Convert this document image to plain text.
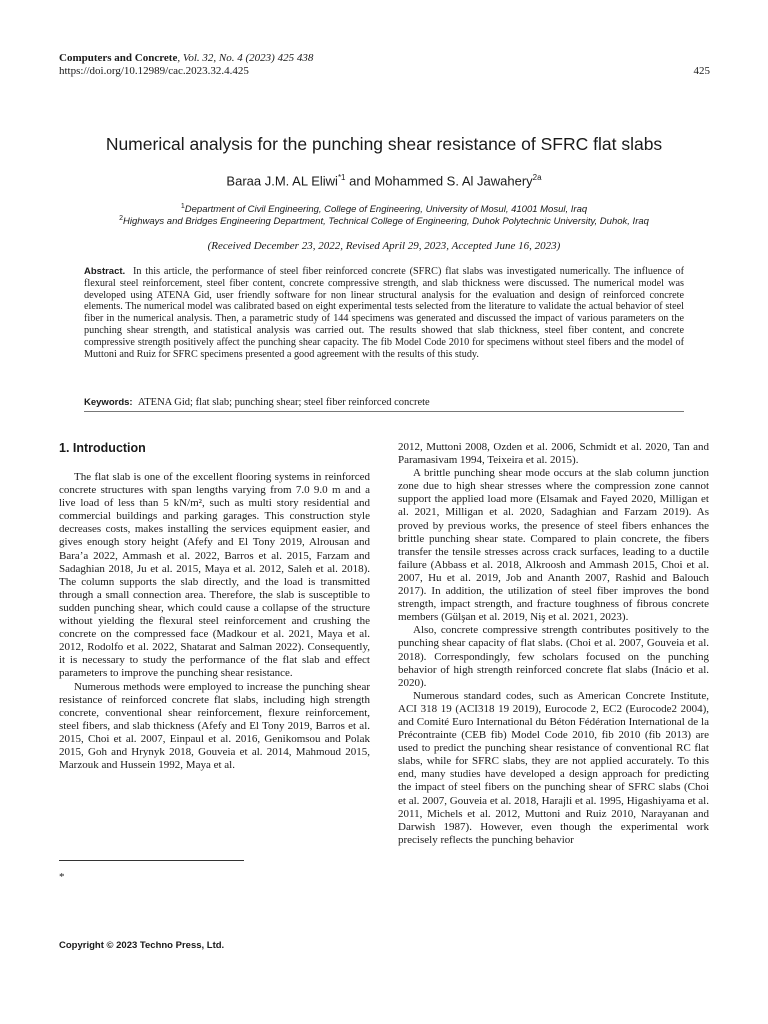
Computers and Concrete, Vol. 32, No. 4 (2023) 425 438
https://doi.org/10.12989/cac.2023.32.4.425	425
Numerical analysis for the punching shear resistance of SFRC flat slabs
Baraa J.M. AL Eliwi$^{*1}$ and Mohammed S. Al Jawahery$^{2a}$
$^1$Department of Civil Engineering, College of Engineering, University of Mosul, 41001 Mosul, Iraq
$^2$Highways and Bridges Engineering Department, Technical College of Engineering, Duhok Polytechnic University, Duhok, Iraq
(Received December 23, 2022, Revised April 29, 2023, Accepted June 16, 2023)
Abstract. In this article, the performance of steel fiber reinforced concrete (SFRC) flat slabs was investigated numerically. The influence of flexural steel reinforcement, steel fiber content, concrete compressive strength, and slab thickness were discussed. The numerical model was developed using ATENA Gid, user friendly software for non linear structural analysis for the evaluation and design of reinforced concrete elements. The numerical model was calibrated based on eight experimental tests selected from the literature to validate the actual behavior of steel fiber in the numerical analysis. Then, a parametric study of 144 specimens was generated and discussed the impact of various parameters on the punching shear strength, and statistical analysis was carried out. The results showed that slab thickness, steel fiber content, and concrete compressive strength positively affect the punching shear capacity. The fib Model Code 2010 for specimens without steel fibers and the model of Muttoni and Ruiz for SFRC specimens presented a good agreement with the results of this study.
Keywords: ATENA Gid; flat slab; punching shear; steel fiber reinforced concrete
1. Introduction

The flat slab is one of the excellent flooring systems in reinforced concrete structures with span lengths varying from 7.0 9.0 m and a live load of less than 5 kN/m², such as multi story residential and commercial buildings and parking garages. This construction style decreases costs, makes installing the services equipment easier, and gives enough story height (Afefy and El Tony 2019, Alrousan and Bara’a 2022, Ammash et al. 2022, Barros et al. 2015, Farzam and Sadaghian 2018, Ju et al. 2015, Maya et al. 2012, Saleh et al. 2018). The column supports the slab directly, and the load is transmitted through a small connection area. Therefore, the slab is susceptible to sudden punching shear, which could cause a collapse of the structure without yielding the flexural steel reinforcement and crushing the concrete on the compressed face (Madkour et al. 2021, Maya et al. 2012, Rodolfo et al. 2022, Shatarat and Salman 2022). Consequently, it is necessary to study the performance of the flat slab and effect parameters to improve the punching shear resistance.

Numerous methods were employed to increase the punching shear resistance of reinforced concrete flat slabs, including high strength concrete, conventional shear reinforcement, flexure reinforcement, steel fibers, and slab thickness (Afefy and El Tony 2019, Barros et al. 2015, Choi et al. 2007, Einpaul et al. 2016, Genikomsou and Polak 2015, Goh and Hrynyk 2018, Gouveia et al. 2014, Mahmoud 2015, Marzouk and Hussein 1992, Maya et al.

2012, Muttoni 2008, Ozden et al. 2006, Schmidt et al. 2020, Tan and Paramasivam 1994, Teixeira et al. 2015).

A brittle punching shear mode occurs at the slab column junction zone due to high shear stresses where the compression zone cannot support the applied load more (Elsamak and Fayed 2020, Milligan et al. 2021, Milligan et al. 2020, Sadaghian and Farzam 2019). As proved by previous works, the presence of steel fibers enhances the brittle punching shear state. Compared to plain concrete, the fibers transfer the tensile stresses across crack surfaces, leading to a ductile failure (Abbass et al. 2018, Alkroosh and Ammash 2015, Choi et al. 2007, Hu et al. 2019, Job and Ananth 2007, Rashid and Balouch 2017). In addition, the utilization of steel fiber improves the bond strength, impact strength, and fracture toughness of fibrous concrete members (Gülşan et al. 2019, Niş et al. 2021, 2023).

Also, concrete compressive strength contributes positively to the punching shear capacity of flat slabs. (Choi et al. 2007, Gouveia et al. 2018). Correspondingly, few scholars focused on the punching behavior of high strength reinforced concrete flat slabs (Inácio et al. 2020).

Numerous standard codes, such as American Concrete Institute, ACI 318 19 (ACI318 19 2019), Eurocode 2, EC2 (Eurocode2 2004), and Comité Euro International du Béton Fédération International de la Précontrainte (CEB fib) Model Code 2010, fib 2010 (fib 2013) are used to predict the punching shear resistance of conventional RC flat slabs, while for SFRC slabs, they are not applied accurately. To this end, many studies have developed a design approach for predicting the impact of steel fibers on the punching shear of SFRC slabs (Choi et al. 2007, Gouveia et al. 2018, Harajli et al. 1995, Higashiyama et al. 2011, Michels et al. 2012, Muttoni and Ruiz 2010, Narayanan and Darwish 1987). However, even though the experimental work precisely reflects the punching behavior

*
Copyright © 2023 Techno Press, Ltd.
